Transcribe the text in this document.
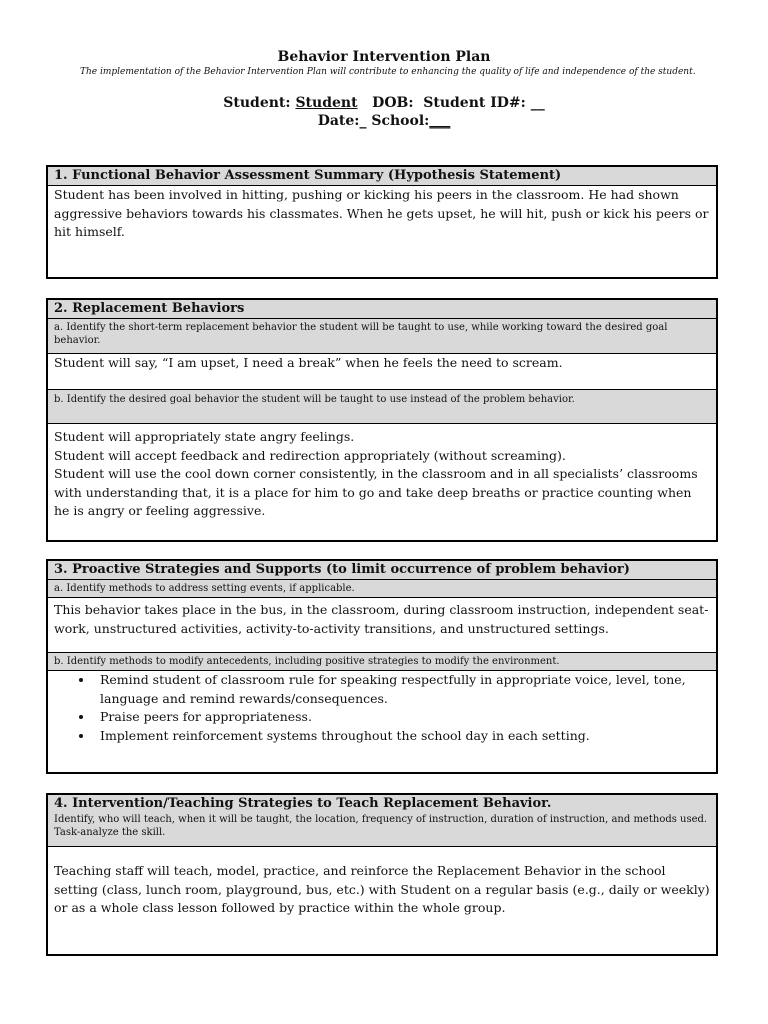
Behavior Intervention Plan
The implementation of the Behavior Intervention Plan will contribute to enhancing the quality of life and independence of the student.
Student: Student DOB: Student ID#: __
Date:_ School:___
1. Functional Behavior Assessment Summary (Hypothesis Statement)
Student has been involved in hitting, pushing or kicking his peers in the classroom. He had shown aggressive behaviors towards his classmates. When he gets upset, he will hit, push or kick his peers or hit himself.
2. Replacement Behaviors
a. Identify the short-term replacement behavior the student will be taught to use, while working toward the desired goal behavior.
Student will say, “I am upset, I need a break” when he feels the need to scream.
b. Identify the desired goal behavior the student will be taught to use instead of the problem behavior.

Student will appropriately state angry feelings.

Student will accept feedback and redirection appropriately (without screaming).

Student will use the cool down corner consistently, in the classroom and in all specialists’ classrooms with understanding that, it is a place for him to go and take deep breaths or practice counting when he is angry or feeling aggressive.

3. Proactive Strategies and Supports (to limit occurrence of problem behavior)
a. Identify methods to address setting events, if applicable.
This behavior takes place in the bus, in the classroom, during classroom instruction, independent seat-work, unstructured activities, activity-to-activity transitions, and unstructured settings.
b. Identify methods to modify antecedents, including positive strategies to modify the environment.
• Remind student of classroom rule for speaking respectfully in appropriate voice, level, tone, language and remind rewards/consequences.
• Praise peers for appropriateness.
• Implement reinforcement systems throughout the school day in each setting.
4. Intervention/Teaching Strategies to Teach Replacement Behavior.
Identify, who will teach, when it will be taught, the location, frequency of instruction, duration of instruction, and methods used. Task-analyze the skill.
Teaching staff will teach, model, practice, and reinforce the Replacement Behavior in the school setting (class, lunch room, playground, bus, etc.) with Student on a regular basis (e.g., daily or weekly) or as a whole class lesson followed by practice within the whole group.
